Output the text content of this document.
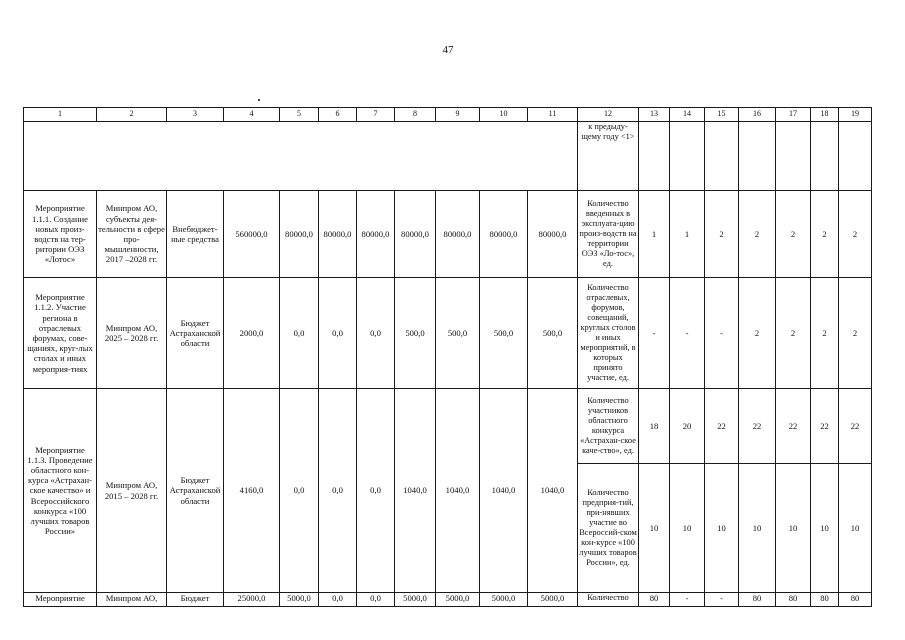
47
1	2	3	4	5	6	7	8	9	10	11	12	13	14	15	16	17	18	19
											к предыду-щему году <1>							
Мероприятие 1.1.1. Создание новых произ-водств на тер-ритории ОЭЗ «Лотос»	Минпром АО, субъекты дея-тельности в сфере про-мышленности, 2017 –2028 гг.	Внебюджет-ные средства	560000,0	80000,0	80000,0	80000,0	80000,0	80000,0	80000,0	80000,0	Количество введенных в эксплуата-цию произ-водств на территории ОЭЗ «Ло-тос», ед.	1	1	2	2	2	2	2
Мероприятие 1.1.2. Участие региона в отраслевых форумах, сове-щаниях, круг-лых столах и иных мероприя-тиях	Минпром АО, 2025 – 2028 гг.	Бюджет Астраханской области	2000,0	0,0	0,0	0,0	500,0	500,0	500,0	500,0	Количество отраслевых, форумов, совещаний, круглых столов и иных мероприятий, в которых принято участие, ед.	-	-	-	2	2	2	2
Мероприятие 1.1.3. Проведение областного кон-курса «Астрахан-ское качество» и Всероссийского конкурса «100 лучших товаров России»	Минпром АО, 2015 – 2028 гг.	Бюджет Астраханской области	4160,0	0,0	0,0	0,0	1040,0	1040,0	1040,0	1040,0	Количество участников областного конкурса «Астрахан-ское каче-ство», ед.	18	20	22	22	22	22	22
											Количество предприя-тий, при-нявших участие во Всероссий-ском кон-курсе «100 лучших товаров России», ед.	10	10	10	10	10	10	10
Мероприятие	Минпром АО,	Бюджет	25000,0	5000,0	0,0	0,0	5000,0	5000,0	5000,0	5000,0	Количество	80	-	-	80	80	80	80
